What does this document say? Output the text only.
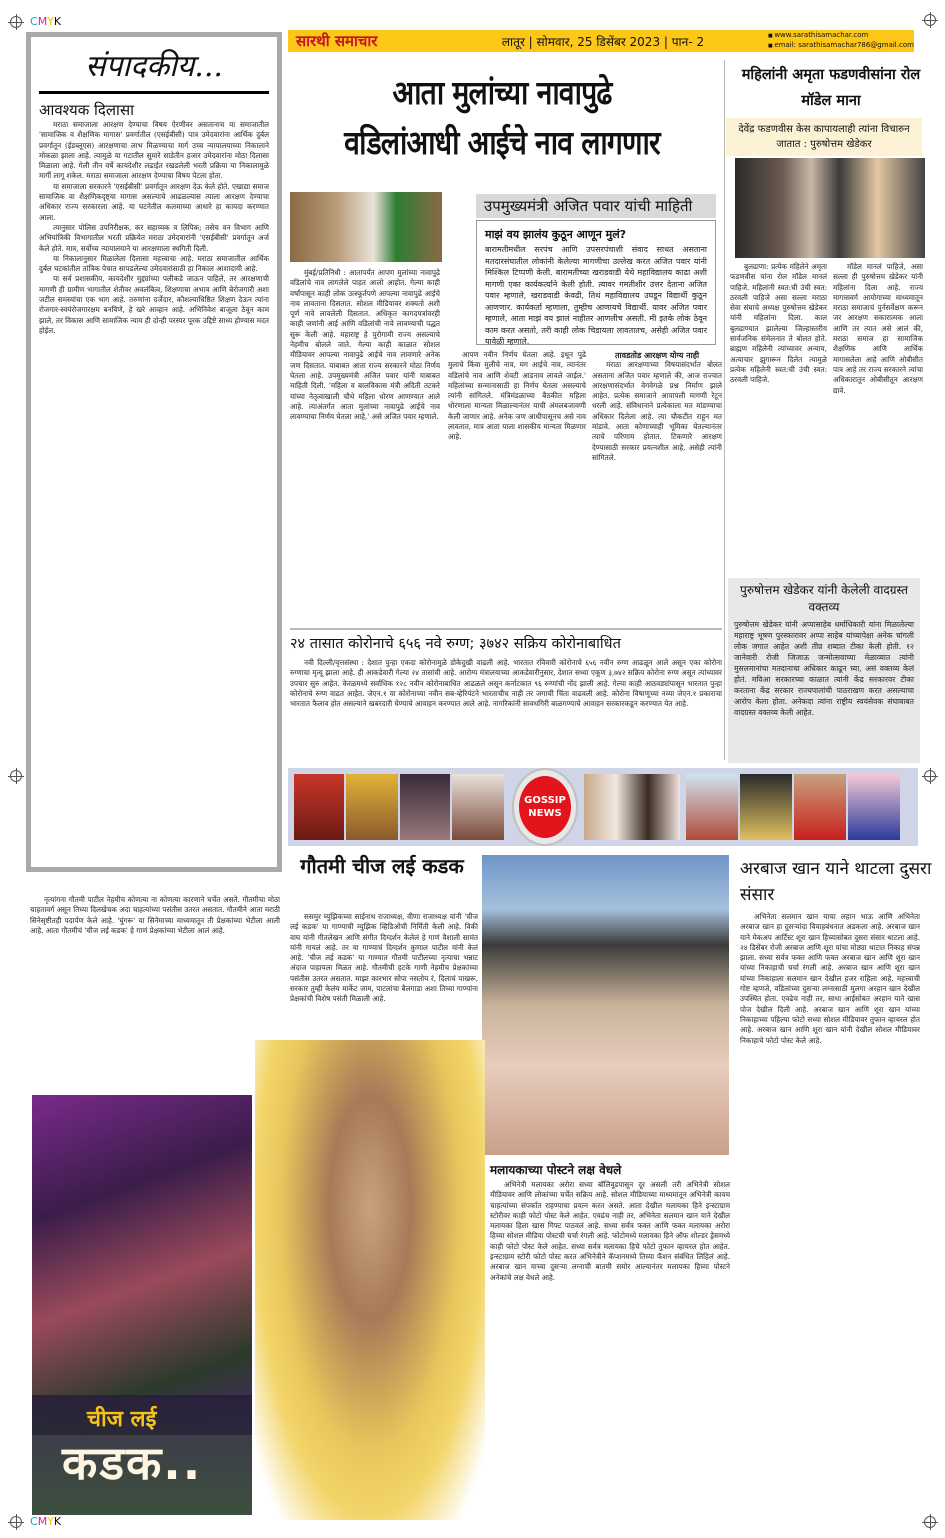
CMYK
CMYK
सारथी समाचार	लातूर | सोमवार, 25 डिसेंबर 2023 | पान- 2	■ www.sarathisamachar.com
■ email: sarathisamachar786@gmail.com
संपादकीय...
आवश्यक दिलासा

मराठा समाजाला आरक्षण देण्याचा विषय ऐरणीवर असतानाच या समाजातील 'सामाजिक व शैक्षणिक मागास' प्रवर्गातील (एसईबीसी) पात्र उमेदवारांना आर्थिक दुर्बल प्रवर्गातून (ईडब्लूएस) आरक्षणाचा लाभ मिळण्याचा मार्ग उच्च न्यायालयाच्या निकालाने मोकळा झाला आहे. त्यामुळे या गटातील सुमारे साडेतीन हजार उमेदवारांना मोठा दिलासा मिळाला आहे. गेली तीन वर्षे कायदेशीर लढाईत रखडलेली भरती प्रक्रिया या निकालामुळे मार्गी लागू शकेल. मराठा समाजाला आरक्षण देण्याचा विषय पेटला होता.

या समाजाला सरकारने 'एसईबीसी' प्रवर्गातून आरक्षण देऊ केले होते. एखाद्या समाज सामाजिक वा शैक्षणिकदृष्ट्या मागास असल्याचे आढळल्यास त्याला आरक्षण देण्याचा अधिकार राज्य सरकारला आहे. या घटनेतील कलमाच्या आधारे हा कायदा करण्यात आला.

त्यानुसार पोलिस उपनिरीक्षक, कर सहाय्यक व लिपिक; तसेच वन विभाग आणि अभियांत्रिकी विभागातील भरती प्रक्रियेत मराठा उमेदवारांनी 'एसईबीसी' प्रवर्गातून अर्ज केले होते. मात्र, सर्वोच्च न्यायालयाने या आरक्षणाला स्थगिती दिली.

या निकालानुसार मिळालेला दिलासा महत्त्वाचा आहे. मराठा समाजातील आर्थिक दुर्बल घटकांतील तांत्रिक पेचात सापडलेल्या उमेदवारांसाठी हा निकाल आशादायी आहे.

या सर्व प्रशासकीय, कायदेशीर मुद्द्यांच्या पलीकडे जाऊन पाहिले, तर आरक्षणाची मागणी ही ग्रामीण भागातील शेतीवर अवलंबित्व, शिक्षणाचा अभाव आणि बेरोजगारी अशा जटील समस्यांचा एक भाग आहे. तरुणांना दर्जेदार, कौशल्याधिष्ठित शिक्षण देऊन त्यांना रोजगार-स्वयंरोजगारक्षम बनविणे, हे खरे आव्हान आहे. अभिनिवेश बाजूला ठेवून काम झाले, तर विकास आणि सामाजिक न्याय ही दोन्ही परस्पर पूरक उद्दिष्टे साध्य होण्यास मदत होईल.

आता मुलांच्या नावापुढे
वडिलांआधी आईचे नाव लागणार
उपमुख्यमंत्री अजित पवार यांची माहिती
माझं वय झालंय कुठून आणून मुलं?
बारामतीमधील सरपंच आणि उपसरपंचाशी संवाद साधत असताना मतदारसंघातील लोकांनी केलेल्या मागणीचा उल्लेख करत अजित पवार यांनी मिश्किल टिप्पणी केली. बारामतीच्या खराडवाडी येथे महाविद्यालय काढा अशी मागणी एका कार्यकर्त्याने केली होती. त्यावर गमतीशीर उत्तर देताना अजित पवार म्हणाले, खराडवाडी केवढी, तिथं महाविद्यालय उघडून विद्यार्थी कुठून आणणार. कार्यकर्ता म्हणाला, तुम्हीच आणायचे विद्यार्थी. यावर अजित पवार म्हणाले, आता माझं वय झालं नाहीतर आणलीच असती. मी इतके लोकं ठेवून काम करत असतो, तरी काही लोक चिडायला लावतातच, असेही अजित पवार यावेळी म्हणाले.

मुंबई/प्रतिनिधी : आतापर्यंत आपण मुलांच्या नावापुढे वडिलांचे नाव लागलेले पाहत आलो आहोत. गेल्या काही वर्षांपासून काही लोक उत्स्फूर्तपणे आपल्या नावापुढे आईचे नाव लावताना दिसतात. सोशल मीडियावर शक्यतो अशी पूर्ण नावे लावलेली दिसतात. अधिकृत कागदपत्रांवरही काही जणांनी आई आणि वडिलांची नावे लावण्याची पद्धत सुरू केली आहे. महाराष्ट्र हे पुरोगामी राज्य असल्याचे नेहमीच बोलले जाते. गेल्या काही काळात सोशल मीडियावर आपल्या नावापुढे आईचे नाव लावणारे अनेक जण दिसतात. याबाबत आता राज्य सरकारने मोठा निर्णय घेतला आहे. उपमुख्यमंत्री अजित पवार यांनी याबाबत माहिती दिली. 'महिला व बालविकास मंत्री अदिती तटकरे यांच्या नेतृत्वाखाली चौथे महिला धोरण आणण्यात आले आहे. त्याअंतर्गत आता मुलांच्या नावापुढे आईचे नाव लावण्याचा निर्णय घेतला आहे,' असे अजित पवार म्हणाले.

आपण नवीन निर्णय घेतला आहे. इथून पुढे मुलाचे किंवा मुलीचे नाव, मग आईचे नाव, त्यानंतर वडिलांचे नाव आणि शेवटी आडनाव लावले जाईल.' महिलांच्या सन्मानासाठी हा निर्णय घेतला असल्याचे त्यांनी सांगितले. मंत्रिमंडळाच्या बैठकीत महिला धोरणाला मान्यता मिळाल्यानंतर याची अंमलबजावणी केली जाणार आहे. अनेक जण आधीपासूनच असे नाव लावतात, मात्र आता याला शासकीय मान्यता मिळणार आहे.

तावडतोड आरक्षण योग्य नाही

मराठा आरक्षणाच्या विषयासंदर्भात बोलत असताना अजित पवार म्हणाले की, आज राज्यात आरक्षणासंदर्भात वेगवेगळे प्रश्न निर्माण झाले आहेत. प्रत्येक समाजाने आपापली मागणी रेटून धरली आहे. संविधानाने प्रत्येकाला मत मांडण्याचा अधिकार दिलेला आहे. त्या चौकटीत राहून मत मांडावे. आता कोणाच्याही भूमिका घेतल्यानंतर त्याचे परिणाम होतात. टिकणारे आरक्षण देण्यासाठी सरकार प्रयत्नशील आहे, असेही त्यांनी सांगितले.

महिलांनी अमृता फडणवीसांना रोल मॉडेल माना
देवेंद्र फडणवीस केस कापायलाही त्यांना विचारुन जातात : पुरुषोत्तम खेडेकर

बुलढाणा: प्रत्येक महिलेने अमृता फडणवीस यांना रोल मॉडेल मानलं पाहिजे. महिलांनी स्वत:ची उंची स्वत: ठरवली पाहिजे असा सल्ला मराठा सेवा संघाचे अध्यक्ष पुरुषोत्तम खेडेकर यांनी महिलांना दिला. काल बुलढाण्यात झालेल्या जिल्हास्तरीय सार्वजनिक संमेलनात ते बोलत होते. ब्राह्मण महिलेनी त्यांच्यावर अन्याय, अत्याचार झुगारून दिलेत त्यामुळे प्रत्येक महिलेनी स्वत:ची उंची स्वत: ठरवली पाहिजे.

मॉडेल मानलं पाहिजे, असा सल्ला ही पुरुषोत्तम खेडेकर यांनी महिलांना दिला आहे. राज्य मागासवर्ग आयोगाच्या माध्यमातून मराठा समाजाचं पुर्नसर्वेक्षण करून जर आरक्षण सकारात्मक आला आणि तर त्यात असे आलं की, मराठा समाज हा सामाजिक शैक्षणिक आणि आर्थिक मागासलेला आहे आणि ओबीसीत पात्र आहे तर राज्य सरकारने त्यांचा अधिकारातून ओबीसीतून आरक्षण द्यावे.

पुरुषोत्तम खेडेकर यांनी केलेली वादग्रस्त वक्तव्य
पुरुषोत्तम खेडेकर यांनी अप्पासाहेब धर्माधिकारी यांना मिळालेल्या महाराष्ट्र भूषण पुरस्कारावर अप्पा साहेब यांच्यापेक्षा अनेक चांगली लोक जगात आहेत अशी तीव्र शब्दात टीका केली होती. १२ जानेवारी रोजी जिजाऊ जन्मोत्सवाच्या मेळाव्यात त्यांनी मुसलमानांचा मतदानाचा अधिकार काढून घ्या, असं वक्तव्य केलं होतं. मविआ सरकारच्या काळात त्यांनी केंद्र सरकारवर टीका करताना केंद्र सरकार राज्यपालांची पाठराखण करत असल्याचा आरोप केला होता. अनेकदा त्यांना राष्ट्रीय स्वयंसेवक संघाबाबत वादग्रस्त वक्तव्य केली आहेत.
२४ तासात कोरोनाचे ६५६ नवे रुग्ण; ३७४२ सक्रिय कोरोनाबाधित

नवी दिल्ली/वृत्तसंस्था : देशात पुन्हा एकदा कोरोनामुळे डोकेदुखी वाढली आहे. भारतात रविवारी कोरोनाचे ६५६ नवीन रुग्ण आढळून आले असून एका कोरोना रुग्णाचा मृत्यू झाला आहे. ही आकडेवारी गेल्या २४ तासांची आहे. आरोग्य मंत्रालयाच्या आकडेवारीनुसार, देशात सध्या एकूण ३,७४२ सक्रिय कोरोना रुग्ण असून त्यांच्यावर उपचार सुरु आहेत. केरळमध्ये सर्वाधिक १२८ नवीन कोरोनाबाधित आढळले असून कर्नाटकात ९६ रुग्णांची नोंद झाली आहे. गेल्या काही आठवड्यांपासून भारतात पुन्हा कोरोनाचे रुग्ण वाढत आहेत. जेएन.१ या कोरोनाच्या नवीन सब-व्हेरियंटने भारताचीच नाही तर जगाची चिंता वाढवली आहे. कोरोना विषाणूच्या नव्या जेएन.१ प्रकाराचा भारतात फैलाव होत असल्याने खबरदारी घेण्याचे आवाहन करण्यात आले आहे. नागरिकांनी सावधगिरी बाळगण्याचे आवाहन सरकारकडून करण्यात येत आहे.

GOSSIP
NEWS
गौतमी चीज लई कडक

नृत्यांगना गौतमी पाटील नेहमीच कोणत्या ना कोणत्या कारणाने चर्चेत असते. गौतमीचा मोठा चाहतावर्ग असून तिच्या दिलखेचक अदा चाहत्यांच्या पसंतीस उतरत असतात. गौतमीने आता मराठी सिनेसृष्टीतही पदार्पण केले आहे. 'घुंगरू' या सिनेमाच्या माध्यमातून ती प्रेक्षकांच्या भेटीला आली आहे. आता गौतमीचं 'चीज लई कडक' हे गाणं प्रेक्षकांच्या भेटीला आलं आहे.

ससमुर म्युझिकच्या साईनाथ राजाध्यक्ष, वीणा राजाध्यक्ष यांनी 'चीज लई कडक' या गाण्याची म्युझिक व्हिडिओची निर्मिती केली आहे. विकी वाघ यांनी गीतलेखन आणि संगीत दिग्दर्शन केलेलं हे गाणं वैशाली सामंत यांनी गायलं आहे. तर या गाण्याचं दिग्दर्शन कुणाल पाटील यांनी केलं आहे. 'चीज लई कडक' या गाण्यात गौतमी पाटीलच्या नृत्याचा भन्नाट अंदाज पाहायला मिळत आहे. गौतमीची हटके गाणी नेहमीच प्रेक्षकांच्या पसंतीस उतरत असतात. माझा कारभार सोपा नसतोय रं, दिलाचं पाखरू, सरकार तुम्ही केलंय मार्केट जाम, पाटलांचा बैलगाडा अशा तिच्या गाण्यांना प्रेक्षकांची विशेष पसंती मिळाली आहे.

चीज लई
कडक..
अरबाज खान याने थाटला दुसरा संसार

अभिनेता सलमान खान याचा लहान भाऊ आणि अभिनेता अरबाज खान हा दुसऱ्यांदा विवाहबंधनात अडकला आहे. अरबाज खान याने मेकअप आर्टिस्ट शूरा खान हिच्यासोबत दुसरा संसार थाटला आहे. २४ डिसेंबर रोजी अरबाज आणि शूरा यांचा मोठ्या थाटात निकाह संपन्न झाला. सध्या सर्वत्र फक्त आणि फक्त अरबाज खान आणि शूरा खान यांच्या निकाहाची चर्चा रंगली आहे. अरबाज खान आणि शूरा खान यांच्या निकाहाला सलमान खान देखील हजर राहिला आहे. महत्त्वाची गोष्ट म्हणजे, वडिलांच्या दुसऱ्या लग्नासाठी मुलगा अरहान खान देखील उपस्थित होता. एवढेच नाही तर, साधा आईसोबत अरहान याने खास पोज देखील दिली आहे. अरबाज खान आणि शूरा खान यांच्या निकाहाच्या पहिल्या फोटो सध्या सोशल मीडियावर तुफान व्हायरल होत आहे. अरबाज खान आणि शूरा खान यांनी देखील सोशल मीडियावर निकाहाचे फोटो पोस्ट केले आहे.

मलायकाच्या पोस्टने लक्ष वेधले

अभिनेत्री मलायका अरोरा सध्या बॉलिवूडपासून दूर असली तरी अभिनेत्री सोशल मीडियावर आणि लोकांच्या चर्चेत सक्रिय आहे. सोशल मीडियाच्या माध्यमातून अभिनेत्री कायम चाहत्यांच्या संपर्कात राहण्याचा प्रयत्न करत असते. आता देखील मलायका हिने इन्स्टाग्राम स्टोरीवर काही फोटो पोस्ट केले आहेत. एवढंच नाही तर, अभिनेता सलमान खान याने देखील मलायका हिला खास गिफ्ट पाठवलं आहे. सध्या सर्वत्र फक्त आणि फक्त मलायका अरोरा हिच्या सोशल मीडिया पोस्टची चर्चा रंगली आहे. फोटोमध्ये मलायका हिने ऑफ शोल्डर ड्रेसमध्ये काही फोटो पोस्ट केले आहेत. सध्या सर्वत्र मलायका हिचे फोटो तुफान व्हायरल होत आहेत. इन्स्टाग्राम स्टोरी फोटो पोस्ट करत अभिनेत्रीने कॅप्शनमध्ये तिच्या फॅशन संबंधित लिहिलं आहे. अरबाज खान याच्या दुसऱ्या लग्नाची बातमी समोर आल्यानंतर मलायका हिच्या पोस्टने अनेकांचे लक्ष वेधले आहे.
